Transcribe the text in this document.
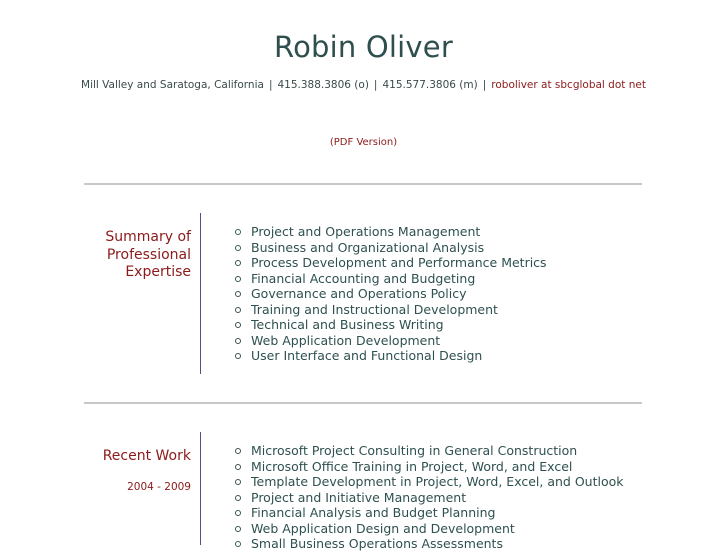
Robin Oliver
Mill Valley and Saratoga, California | 415.388.3806 (o) | 415.577.3806 (m) | roboliver at sbcglobal dot net
(PDF Version)
Summary of
Professional
Expertise
Project and Operations Management
Business and Organizational Analysis
Process Development and Performance Metrics
Financial Accounting and Budgeting
Governance and Operations Policy
Training and Instructional Development
Technical and Business Writing
Web Application Development
User Interface and Functional Design
Recent Work
2004 - 2009
Microsoft Project Consulting in General Construction
Microsoft Office Training in Project, Word, and Excel
Template Development in Project, Word, Excel, and Outlook
Project and Initiative Management
Financial Analysis and Budget Planning
Web Application Design and Development
Small Business Operations Assessments
